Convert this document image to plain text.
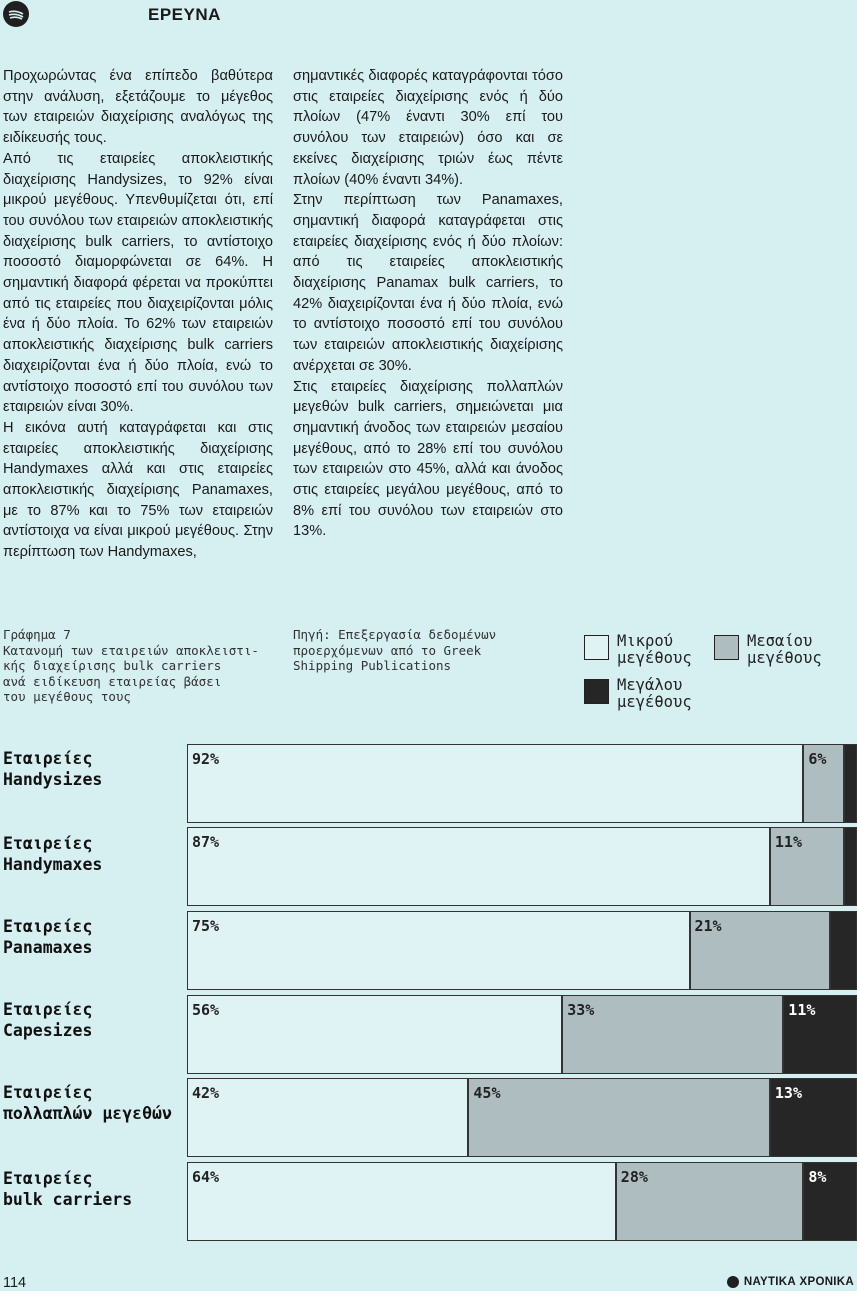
ΕΡΕΥΝΑ

Προχωρώντας ένα επίπεδο βαθύτερα στην ανάλυση, εξετάζουμε το μέγεθος των εταιρειών διαχείρισης αναλόγως της ειδίκευσής τους.

Από τις εταιρείες αποκλειστικής διαχείρισης Handysizes, το 92% είναι μικρού μεγέθους. Υπενθυμίζεται ότι, επί του συνόλου των εταιρειών αποκλειστικής διαχείρισης bulk carriers, το αντίστοιχο ποσοστό διαμορφώνεται σε 64%. Η σημαντική διαφορά φέρεται να προκύπτει από τις εταιρείες που διαχειρίζονται μόλις ένα ή δύο πλοία. Το 62% των εταιρειών αποκλειστικής διαχείρισης bulk carriers διαχειρίζονται ένα ή δύο πλοία, ενώ το αντίστοιχο ποσοστό επί του συνόλου των εταιρειών είναι 30%.

Η εικόνα αυτή καταγράφεται και στις εταιρείες αποκλειστικής διαχείρισης Handymaxes αλλά και στις εταιρείες αποκλειστικής διαχείρισης Panamaxes, με το 87% και το 75% των εταιρειών αντίστοιχα να είναι μικρού μεγέθους. Στην περίπτωση των Handymaxes,

σημαντικές διαφορές καταγράφονται τόσο στις εταιρείες διαχείρισης ενός ή δύο πλοίων (47% έναντι 30% επί του συνόλου των εταιρειών) όσο και σε εκείνες διαχείρισης τριών έως πέντε πλοίων (40% έναντι 34%).

Στην περίπτωση των Panamaxes, σημαντική διαφορά καταγράφεται στις εταιρείες διαχείρισης ενός ή δύο πλοίων: από τις εταιρείες αποκλειστικής διαχείρισης Panamax bulk carriers, το 42% διαχειρίζονται ένα ή δύο πλοία, ενώ το αντίστοιχο ποσοστό επί του συνόλου των εταιρειών αποκλειστικής διαχείρισης ανέρχεται σε 30%.

Στις εταιρείες διαχείρισης πολλαπλών μεγεθών bulk carriers, σημειώνεται μια σημαντική άνοδος των εταιρειών μεσαίου μεγέθους, από το 28% επί του συνόλου των εταιρειών στο 45%, αλλά και άνοδος στις εταιρείες μεγάλου μεγέθους, από το 8% επί του συνόλου των εταιρειών στο 13%.

Γράφημα 7
Κατανομή των εταιρειών αποκλειστι-
κής διαχείρισης bulk carriers
ανά ειδίκευση εταιρείας βάσει
του μεγέθους τους
Πηγή: Επεξεργασία δεδομένων
προερχόμενων από το Greek
Shipping Publications
Μικρού
μεγέθους
Μεσαίου
μεγέθους
Μεγάλου
μεγέθους
Εταιρείες
Handysizes
92%	6%
Εταιρείες
Handymaxes
87%	11%
Εταιρείες
Panamaxes
75%	21%
Εταιρείες
Capesizes
56%	33%	11%
Εταιρείες
πολλαπλών μεγεθών
42%	45%	13%
Εταιρείες
bulk carriers
64%	28%	8%
114	ΝΑΥΤΙΚΑ ΧΡΟΝΙΚΑ
